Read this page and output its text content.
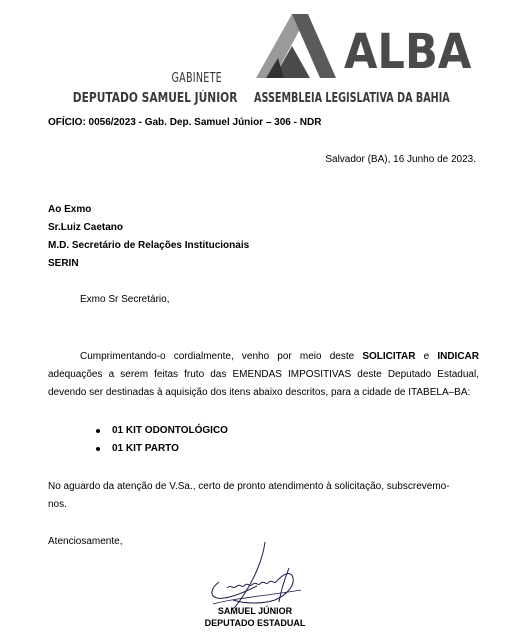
GABINETE
DEPUTADO SAMUEL JÚNIOR
ALBA
ASSEMBLEIA LEGISLATIVA DA BAHIA
OFÍCIO: 0056/2023 - Gab. Dep. Samuel Júnior – 306 - NDR
Salvador (BA), 16 Junho de 2023.
Ao Exmo
Sr.Luiz Caetano
M.D. Secretário de Relações Institucionais
SERIN
Exmo Sr Secretário,
Cumprimentando-o cordialmente, venho por meio deste SOLICITAR e INDICAR adequações a serem feitas fruto das EMENDAS IMPOSITIVAS deste Deputado Estadual, devendo ser destinadas à aquisição dos itens abaixo descritos, para a cidade de ITABELA–BA:
01 KIT ODONTOLÓGICO
01 KIT PARTO
No aguardo da atenção de V.Sa., certo de pronto atendimento à solicitação, subscrevemo-
nos.
Atenciosamente,
SAMUEL JÚNIOR
DEPUTADO ESTADUAL
